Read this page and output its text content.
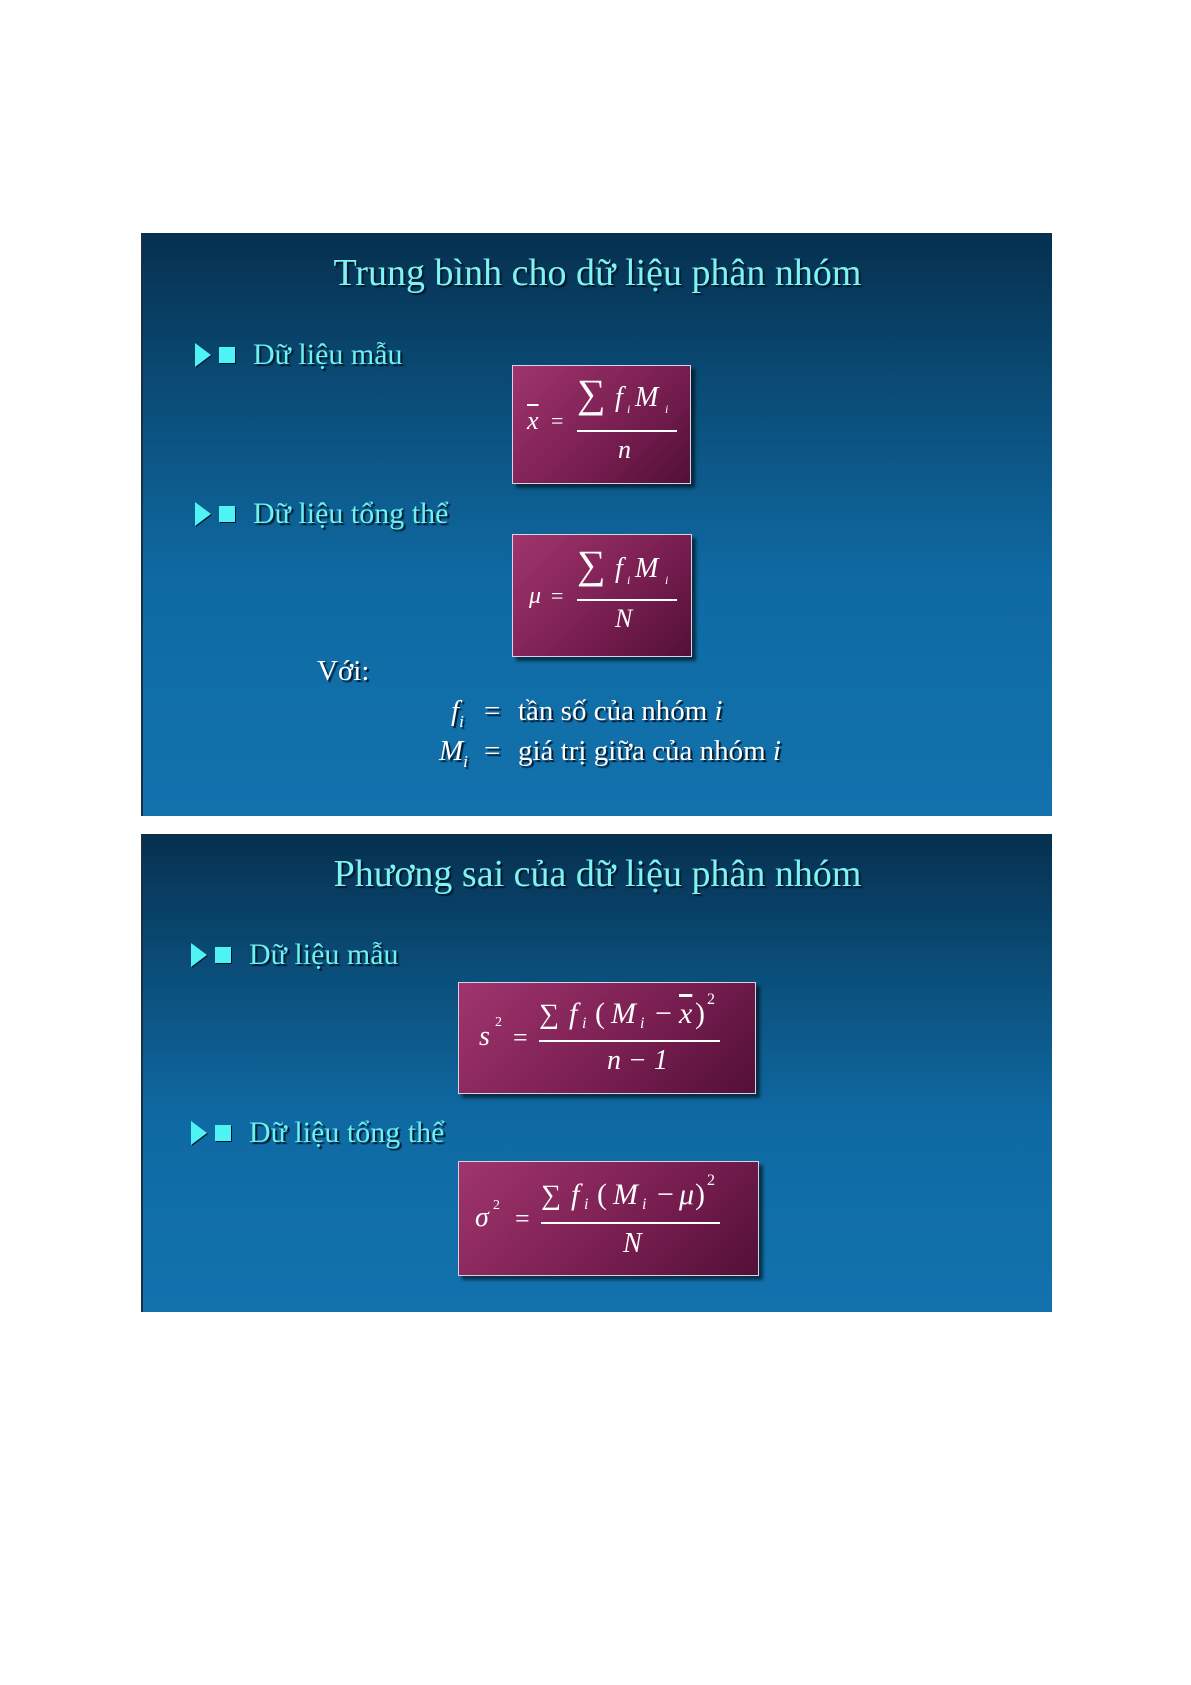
Trung bình cho dữ liệu phân nhóm
Dữ liệu mẫu
$\overline{x}$ =
∑ f i M i
n
Dữ liệu tổng thể
μ =
∑ f i M i
N
Với:
$f_i$ = tần số của nhóm i
$M_i$ = giá trị giữa của nhóm i
Phương sai của dữ liệu phân nhóm
Dữ liệu mẫu
s 2
=
∑ f i ( M $i - \overline{x}$ ) 2
n − 1
Dữ liệu tổng thể
σ 2 =
∑ f i ( M i − μ ) 2
N
